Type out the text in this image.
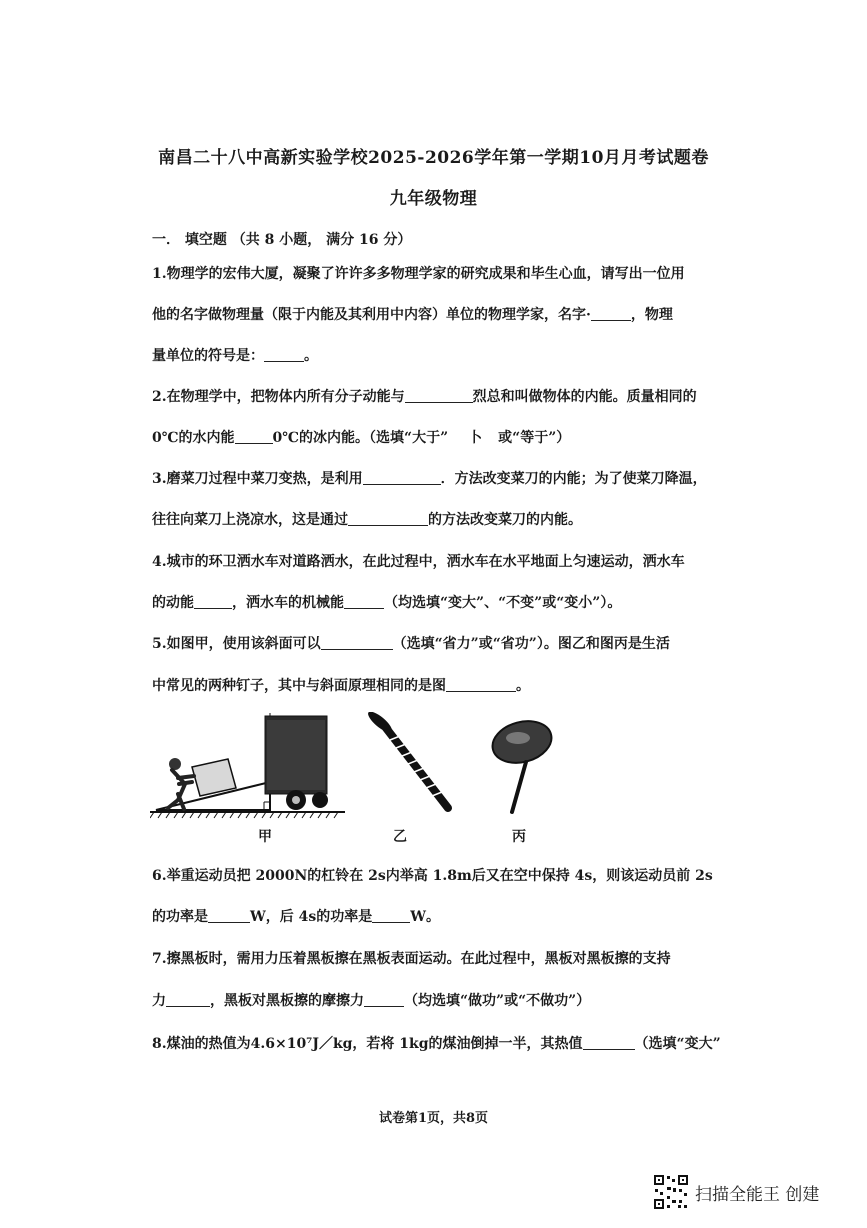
南昌二十八中高新实验学校2025-2026学年第一学期10月月考试题卷
九年级物理
一． 填空题 （共 8 小题， 满分 16 分）
1.物理学的宏伟大厦，凝聚了许许多多物理学家的研究成果和毕生心血，请写出一位用
他的名字做物理量（限于内能及其利用中内容）单位的物理学家，名字·	，物理
量单位的符号是：	。
2.在物理学中，把物体内所有分子动能与	烈总和叫做物体的内能。质量相同的
0℃的水内能	0℃的冰内能。（选填“大于” 卜 或“等于”）
3.磨菜刀过程中菜刀变热，是利用	．方法改变菜刀的内能；为了使菜刀降温，
往往向菜刀上浇凉水，这是通过	的方法改变菜刀的内能。
4.城市的环卫洒水车对道路洒水，在此过程中，洒水车在水平地面上匀速运动，洒水车
的动能	，洒水车的机械能	（均选填“变大”、“不变”或“变小”）。
5.如图甲，使用该斜面可以	（选填“省力”或“省功”）。图乙和图丙是生活
中常见的两种钉子，其中与斜面原理相同的是图	。
甲	乙	丙
6.举重运动员把 2000N的杠铃在 2s内举高 1.8m后又在空中保持 4s，则该运动员前 2s
的功率是	W，后 4s的功率是	W。
7.擦黑板时，需用力压着黑板擦在黑板表面运动。在此过程中，黑板对黑板擦的支持
力	，黑板对黑板擦的摩擦力	（均选填“做功”或“不做功”）
8.煤油的热值为4.6×10⁷J／kg，若将 1kg的煤油倒掉一半，其热值	（选填“变大”
试卷第1页，共8页
扫描全能王 创建
